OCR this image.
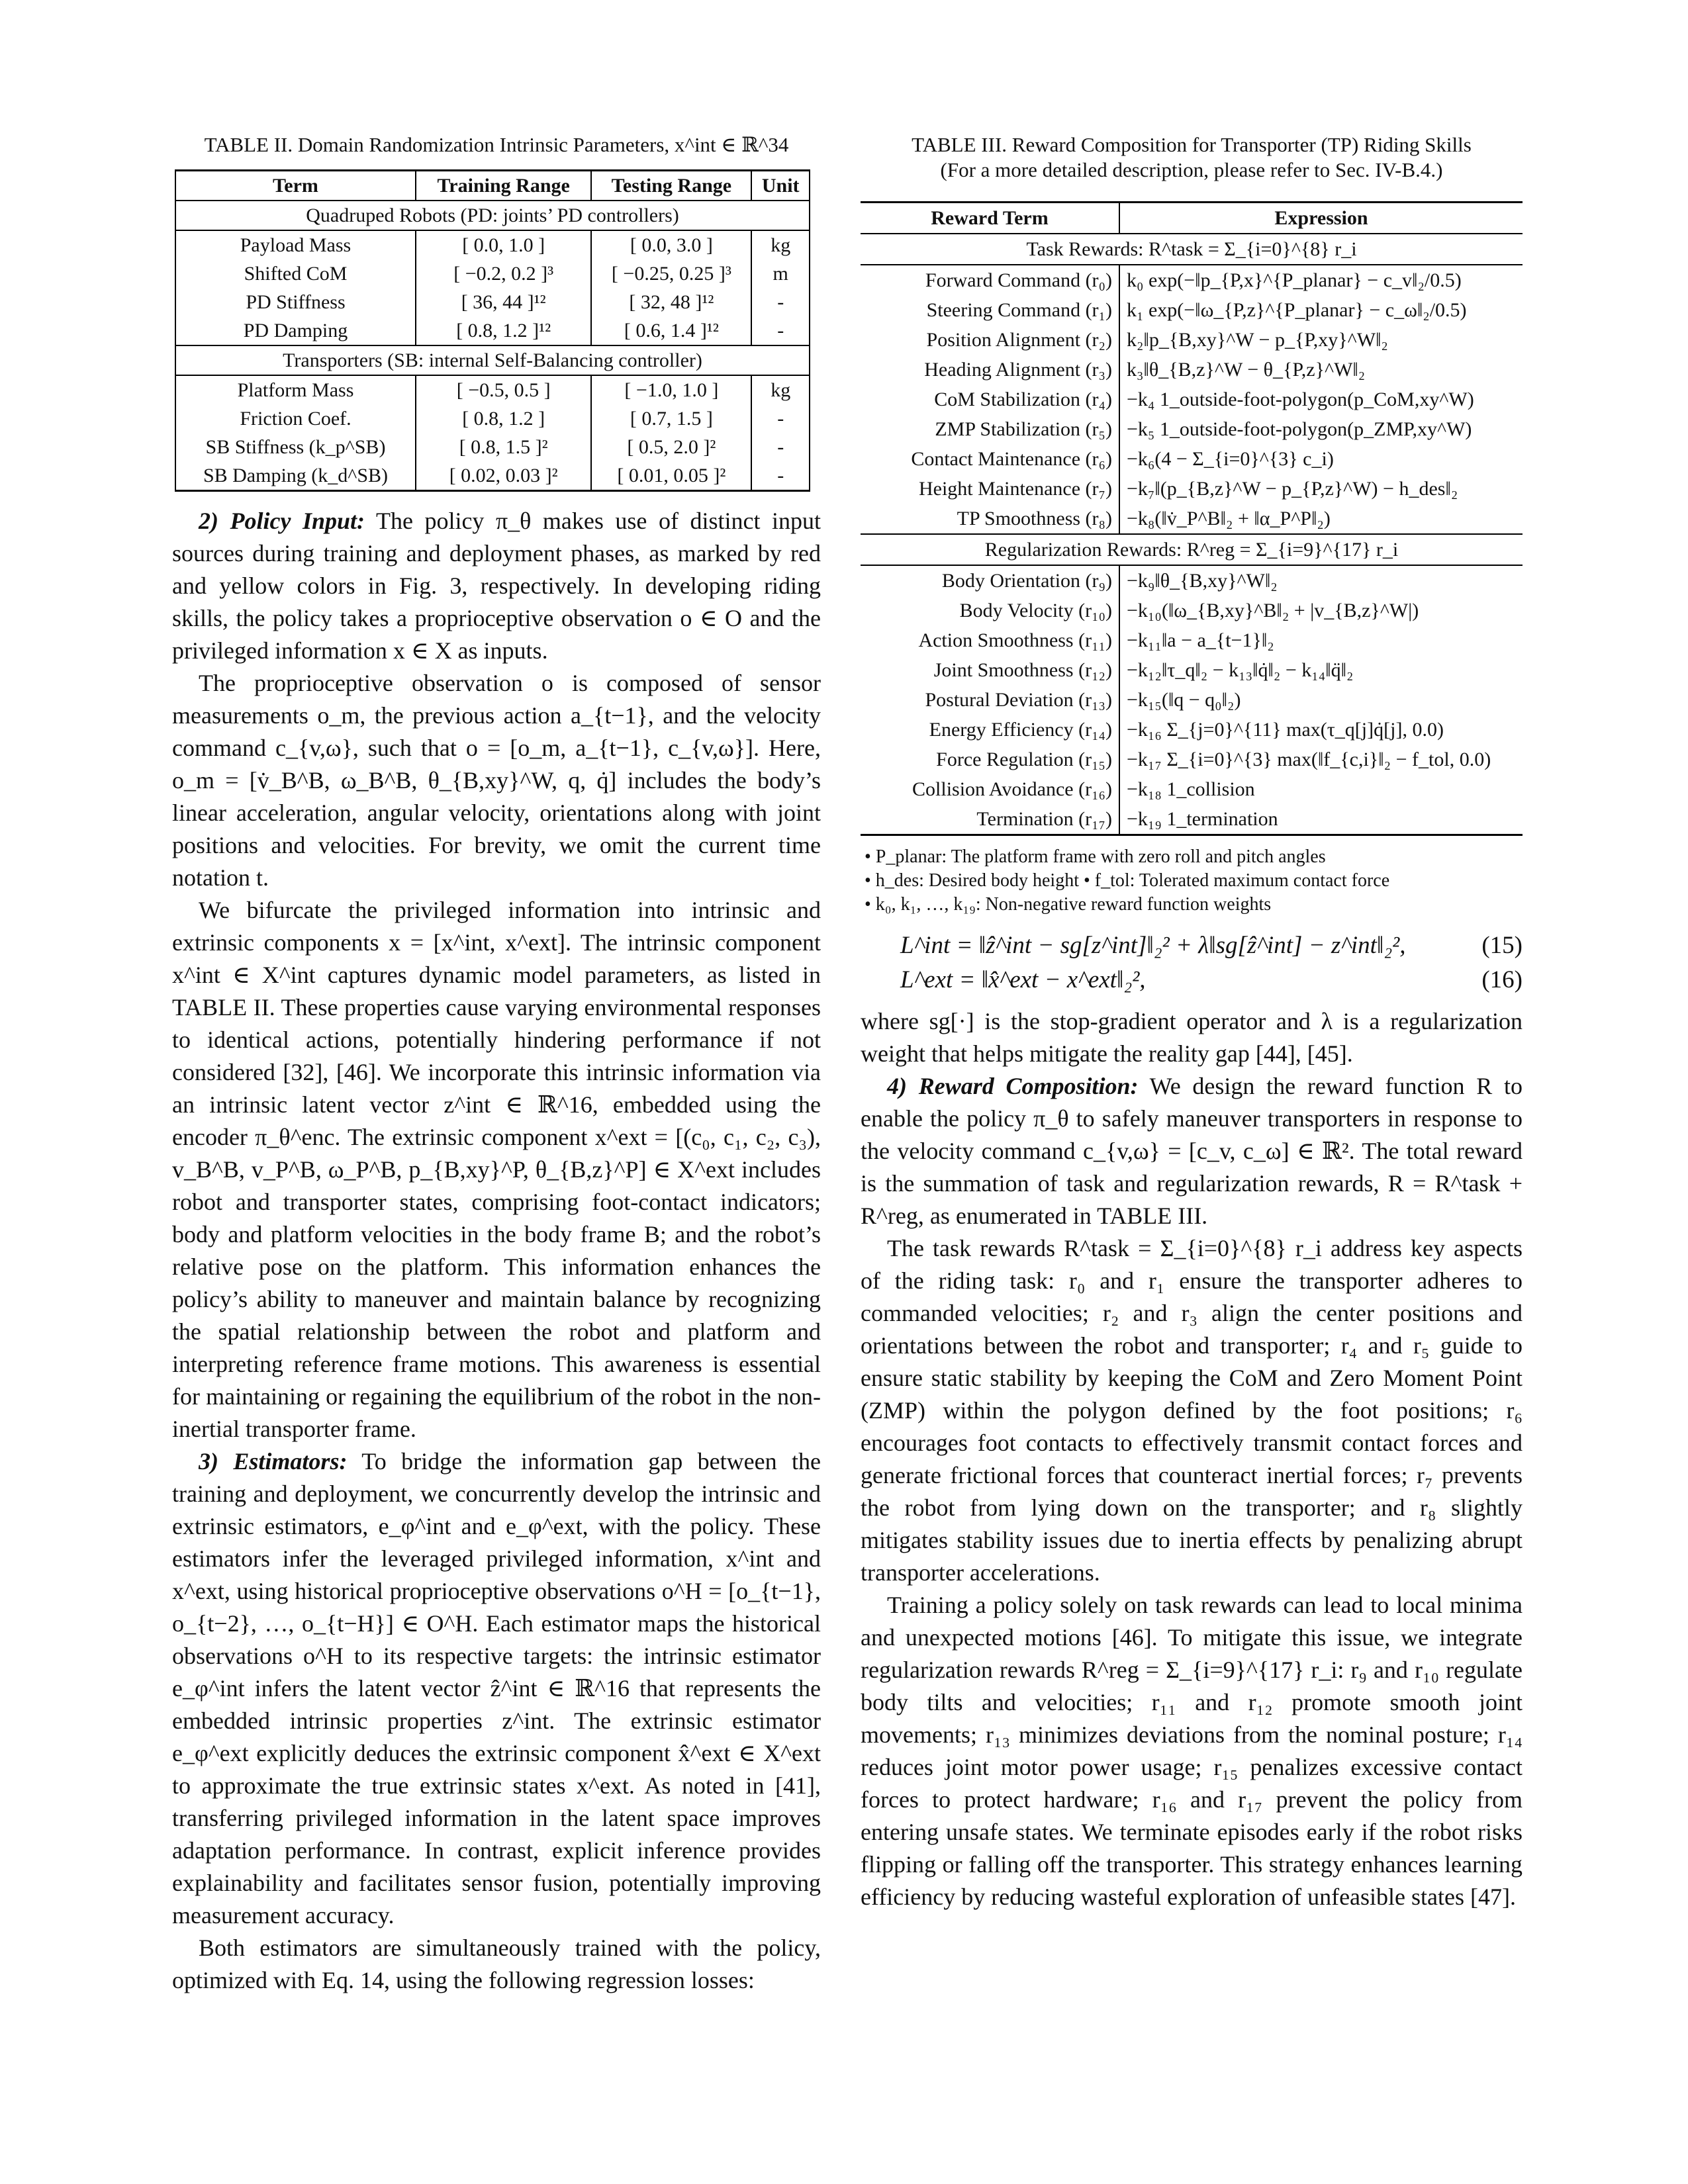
TABLE II. Domain Randomization Intrinsic Parameters, x^int ∈ ℝ^34
Term	Training Range	Testing Range	Unit
Quadruped Robots (PD: joints’ PD controllers)			
Payload Mass	[ 0.0, 1.0 ]	[ 0.0, 3.0 ]	kg
Shifted CoM	[ −0.2, 0.2 ]³	[ −0.25, 0.25 ]³	m
PD Stiffness	[ 36, 44 ]¹²	[ 32, 48 ]¹²	-
PD Damping	[ 0.8, 1.2 ]¹²	[ 0.6, 1.4 ]¹²	-
Transporters (SB: internal Self-Balancing controller)			
Platform Mass	[ −0.5, 0.5 ]	[ −1.0, 1.0 ]	kg
Friction Coef.	[ 0.8, 1.2 ]	[ 0.7, 1.5 ]	-
SB Stiffness (k_p^SB)	[ 0.8, 1.5 ]²	[ 0.5, 2.0 ]²	-
SB Damping (k_d^SB)	[ 0.02, 0.03 ]²	[ 0.01, 0.05 ]²	-

2) Policy Input: The policy π_θ makes use of distinct input sources during training and deployment phases, as marked by red and yellow colors in Fig. 3, respectively. In developing riding skills, the policy takes a proprioceptive observation o ∈ O and the privileged information x ∈ X as inputs.

The proprioceptive observation o is composed of sensor measurements o_m, the previous action a_{t−1}, and the velocity command c_{v,ω}, such that o = [o_m, a_{t−1}, c_{v,ω}]. Here, o_m = [v̇_B^B, ω_B^B, θ_{B,xy}^W, q, q̇] includes the body’s linear acceleration, angular velocity, orientations along with joint positions and velocities. For brevity, we omit the current time notation t.

We bifurcate the privileged information into intrinsic and extrinsic components x = [x^int, x^ext]. The intrinsic component x^int ∈ X^int captures dynamic model parameters, as listed in TABLE II. These properties cause varying environmental responses to identical actions, potentially hindering performance if not considered [32], [46]. We incorporate this intrinsic information via an intrinsic latent vector z^int ∈ ℝ^16, embedded using the encoder π_θ^enc. The extrinsic component x^ext = [(c₀, c₁, c₂, c₃), v_B^B, v_P^B, ω_P^B, p_{B,xy}^P, θ_{B,z}^P] ∈ X^ext includes robot and transporter states, comprising foot-contact indicators; body and platform velocities in the body frame B; and the robot’s relative pose on the platform. This information enhances the policy’s ability to maneuver and maintain balance by recognizing the spatial relationship between the robot and platform and interpreting reference frame motions. This awareness is essential for maintaining or regaining the equilibrium of the robot in the non-inertial transporter frame.

3) Estimators: To bridge the information gap between the training and deployment, we concurrently develop the intrinsic and extrinsic estimators, e_φ^int and e_φ^ext, with the policy. These estimators infer the leveraged privileged information, x^int and x^ext, using historical proprioceptive observations o^H = [o_{t−1}, o_{t−2}, …, o_{t−H}] ∈ O^H. Each estimator maps the historical observations o^H to its respective targets: the intrinsic estimator e_φ^int infers the latent vector ẑ^int ∈ ℝ^16 that represents the embedded intrinsic properties z^int. The extrinsic estimator e_φ^ext explicitly deduces the extrinsic component x̂^ext ∈ X^ext to approximate the true extrinsic states x^ext. As noted in [41], transferring privileged information in the latent space improves adaptation performance. In contrast, explicit inference provides explainability and facilitates sensor fusion, potentially improving measurement accuracy.

Both estimators are simultaneously trained with the policy, optimized with Eq. 14, using the following regression losses:

TABLE III. Reward Composition for Transporter (TP) Riding Skills
(For a more detailed description, please refer to Sec. IV-B.4.)
Reward Term	Expression
Task Rewards: R^task = Σ_{i=0}^{8} r_i	
Forward Command (r₀)	k₀ exp(−‖p_{P,x}^{P_planar} − c_v‖₂/0.5)
Steering Command (r₁)	k₁ exp(−‖ω_{P,z}^{P_planar} − c_ω‖₂/0.5)
Position Alignment (r₂)	k₂‖p_{B,xy}^W − p_{P,xy}^W‖₂
Heading Alignment (r₃)	k₃‖θ_{B,z}^W − θ_{P,z}^W‖₂
CoM Stabilization (r₄)	−k₄ 1_outside-foot-polygon(p_CoM,xy^W)
ZMP Stabilization (r₅)	−k₅ 1_outside-foot-polygon(p_ZMP,xy^W)
Contact Maintenance (r₆)	−k₆(4 − Σ_{i=0}^{3} c_i)
Height Maintenance (r₇)	−k₇‖(p_{B,z}^W − p_{P,z}^W) − h_des‖₂
TP Smoothness (r₈)	−k₈(‖v̇_P^B‖₂ + ‖α_P^P‖₂)
Regularization Rewards: R^reg = Σ_{i=9}^{17} r_i	
Body Orientation (r₉)	−k₉‖θ_{B,xy}^W‖₂
Body Velocity (r₁₀)	−k₁₀(‖ω_{B,xy}^B‖₂ + |v_{B,z}^W|)
Action Smoothness (r₁₁)	−k₁₁‖a − a_{t−1}‖₂
Joint Smoothness (r₁₂)	−k₁₂‖τ_q‖₂ − k₁₃‖q̇‖₂ − k₁₄‖q̈‖₂
Postural Deviation (r₁₃)	−k₁₅(‖q − q₀‖₂)
Energy Efficiency (r₁₄)	−k₁₆ Σ_{j=0}^{11} max(τ_q[j]q̇[j], 0.0)
Force Regulation (r₁₅)	−k₁₇ Σ_{i=0}^{3} max(‖f_{c,i}‖₂ − f_tol, 0.0)
Collision Avoidance (r₁₆)	−k₁₈ 1_collision
Termination (r₁₇)	−k₁₉ 1_termination
• P_planar: The platform frame with zero roll and pitch angles
• h_des: Desired body height • f_tol: Tolerated maximum contact force
• k₀, k₁, …, k₁₉: Non-negative reward function weights
L^int = ‖ẑ^int − sg[z^int]‖₂² + λ‖sg[ẑ^int] − z^int‖₂²,	(15)
L^ext = ‖x̂^ext − x^ext‖₂²,	(16)

where sg[·] is the stop-gradient operator and λ is a regularization weight that helps mitigate the reality gap [44], [45].

4) Reward Composition: We design the reward function R to enable the policy π_θ to safely maneuver transporters in response to the velocity command c_{v,ω} = [c_v, c_ω] ∈ ℝ². The total reward is the summation of task and regularization rewards, R = R^task + R^reg, as enumerated in TABLE III.

The task rewards R^task = Σ_{i=0}^{8} r_i address key aspects of the riding task: r₀ and r₁ ensure the transporter adheres to commanded velocities; r₂ and r₃ align the center positions and orientations between the robot and transporter; r₄ and r₅ guide to ensure static stability by keeping the CoM and Zero Moment Point (ZMP) within the polygon defined by the foot positions; r₆ encourages foot contacts to effectively transmit contact forces and generate frictional forces that counteract inertial forces; r₇ prevents the robot from lying down on the transporter; and r₈ slightly mitigates stability issues due to inertia effects by penalizing abrupt transporter accelerations.

Training a policy solely on task rewards can lead to local minima and unexpected motions [46]. To mitigate this issue, we integrate regularization rewards R^reg = Σ_{i=9}^{17} r_i: r₉ and r₁₀ regulate body tilts and velocities; r₁₁ and r₁₂ promote smooth joint movements; r₁₃ minimizes deviations from the nominal posture; r₁₄ reduces joint motor power usage; r₁₅ penalizes excessive contact forces to protect hardware; r₁₆ and r₁₇ prevent the policy from entering unsafe states. We terminate episodes early if the robot risks flipping or falling off the transporter. This strategy enhances learning efficiency by reducing wasteful exploration of unfeasible states [47].
